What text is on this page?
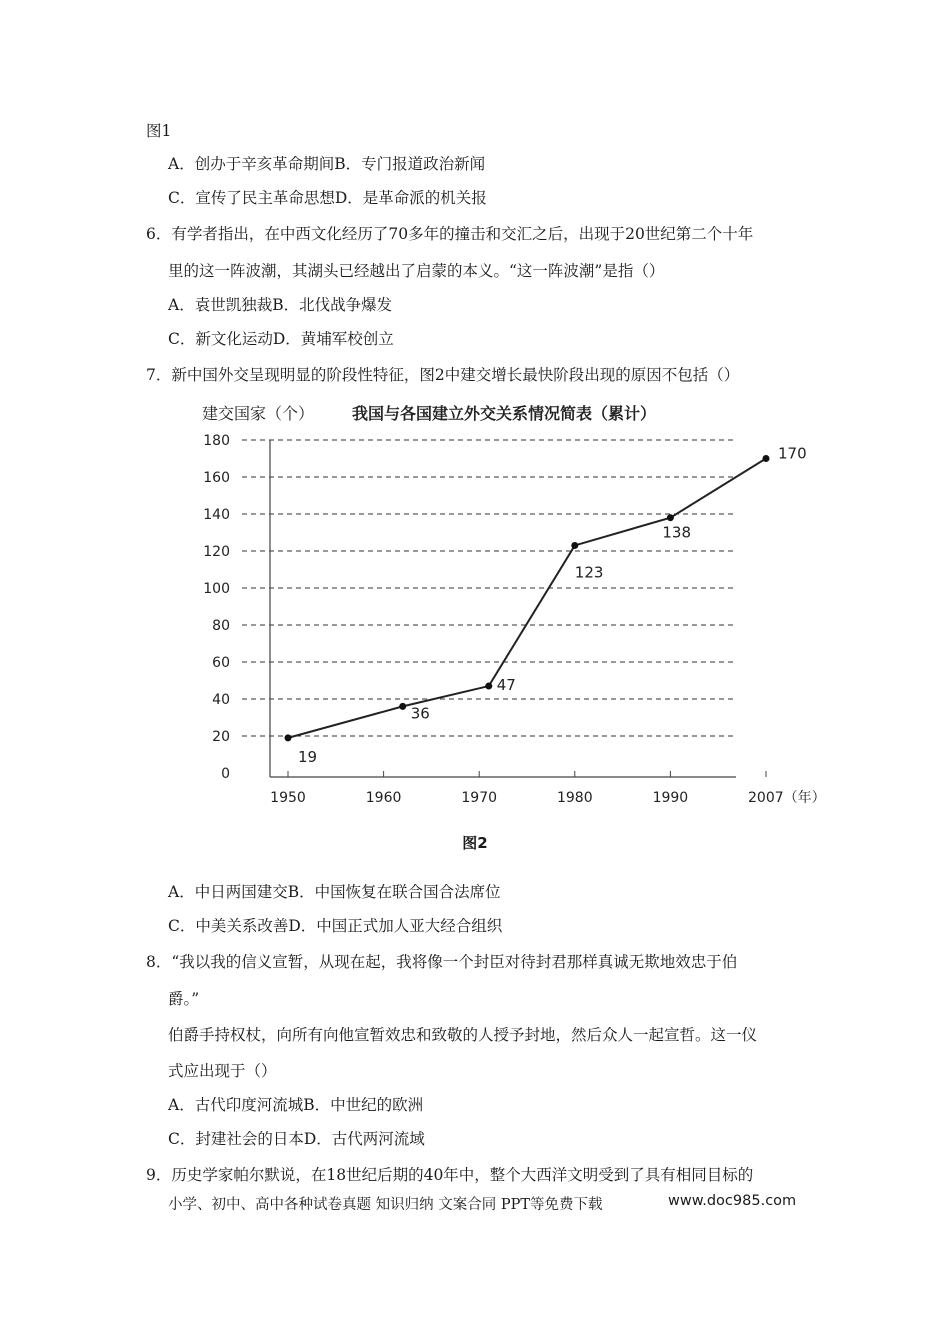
图1
A．创办于辛亥革命期间B．专门报道政治新闻
C．宣传了民主革命思想D．是革命派的机关报
6．有学者指出，在中西文化经历了70多年的撞击和交汇之后，出现于20世纪第二个十年
里的这一阵波潮，其湖头已经越出了启蒙的本义。“这一阵波潮”是指（）
A．袁世凯独裁B．北伐战争爆发
C．新文化运动D．黄埔军校创立
7．新中国外交呈现明显的阶段性特征，图2中建交增长最快阶段出现的原因不包括（）
0
20
40
60
80
100
120
140
160
180
1950	1960	1970	1980	1990	2007（年）
19
36
47
123
138
170
建交国家（个） 我国与各国建立外交关系情况简表（累计）
图2
A．中日两国建交B．中国恢复在联合国合法席位
C．中美关系改善D．中国正式加人亚大经合组织
8．“我以我的信义宣暂，从现在起，我将像一个封臣对待封君那样真诚无欺地效忠于伯
爵。”
伯爵手持权杖，向所有向他宣暂效忠和致敬的人授予封地，然后众人一起宣哲。这一仪
式应出现于（）
A．古代印度河流城B．中世纪的欧洲
C．封建社会的日本D．古代两河流域
9．历史学家帕尔默说，在18世纪后期的40年中，整个大西洋文明受到了具有相同目标的
小学、初中、高中各种试卷真题 知识归纳 文案合同 PPT等免费下载	www.doc985.com
